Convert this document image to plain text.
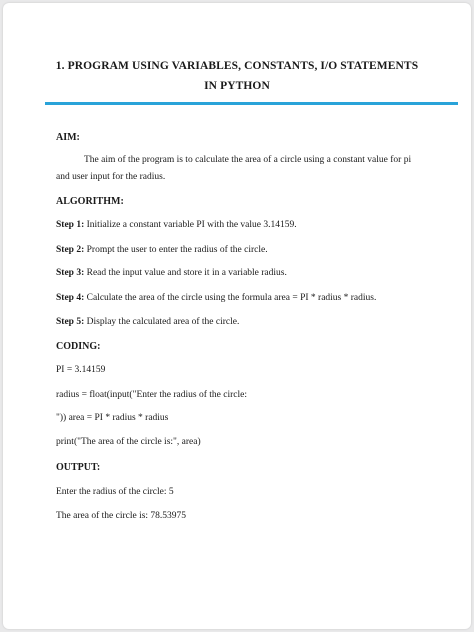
1. PROGRAM USING VARIABLES, CONSTANTS, I/O STATEMENTS
IN PYTHON
AIM:
The aim of the program is to calculate the area of a circle using a constant value for pi
and user input for the radius.
ALGORITHM:
Step 1: Initialize a constant variable PI with the value 3.14159.
Step 2: Prompt the user to enter the radius of the circle.
Step 3: Read the input value and store it in a variable radius.
Step 4: Calculate the area of the circle using the formula area = PI * radius * radius.
Step 5: Display the calculated area of the circle.
CODING:
PI = 3.14159
radius = float(input("Enter the radius of the circle:
")) area = PI * radius * radius
print("The area of the circle is:", area)
OUTPUT:
Enter the radius of the circle: 5
The area of the circle is: 78.53975
